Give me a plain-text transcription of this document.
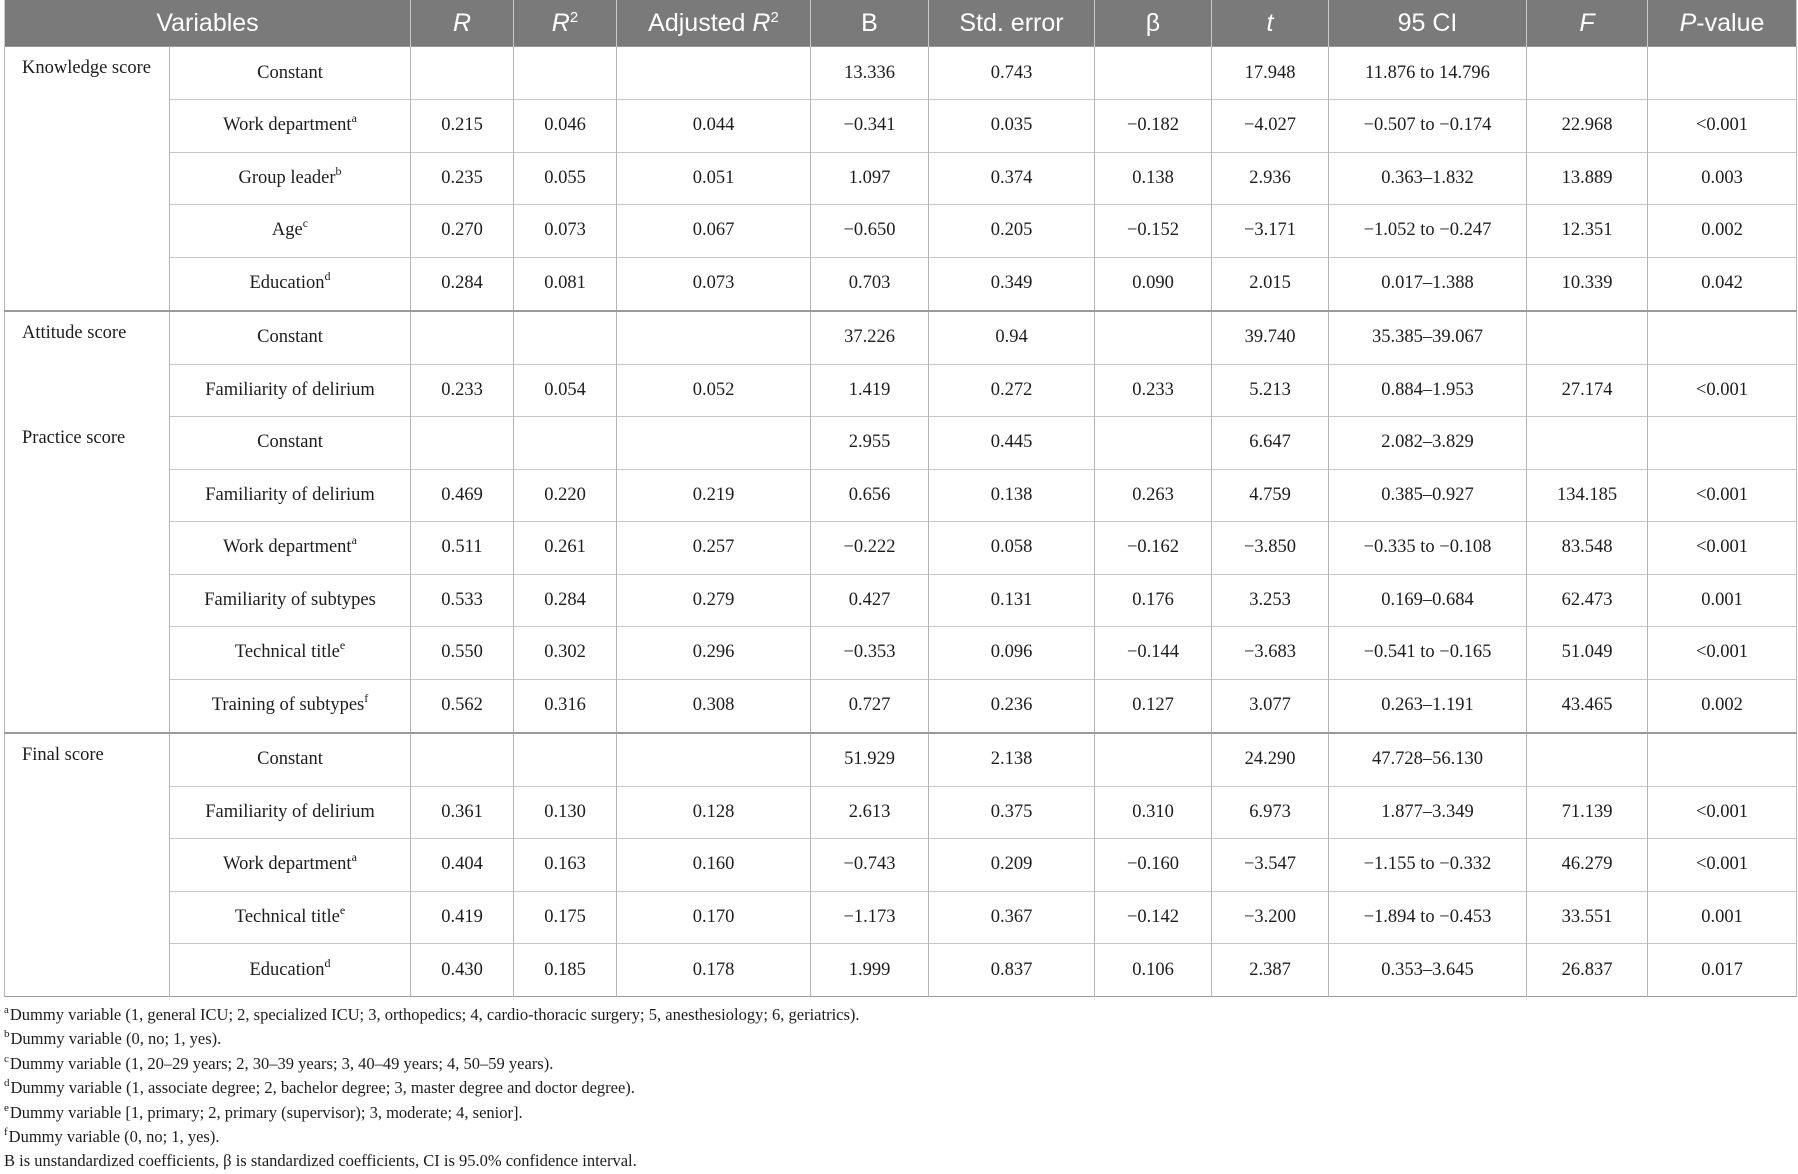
Variables		R	$R^2$	Adjusted $R^2$	B	Std. error	β	t	95 CI	F	P-value
Knowledge score	Constant				13.336	0.743		17.948	11.876 to 14.796		
	Work department$^a$	0.215	0.046	0.044	−0.341	0.035	−0.182	−4.027	−0.507 to −0.174	22.968	<0.001
	Group leader$^b$	0.235	0.055	0.051	1.097	0.374	0.138	2.936	0.363–1.832	13.889	0.003
	Age$^c$	0.270	0.073	0.067	−0.650	0.205	−0.152	−3.171	−1.052 to −0.247	12.351	0.002
	Education$^d$	0.284	0.081	0.073	0.703	0.349	0.090	2.015	0.017–1.388	10.339	0.042
Attitude score	Constant				37.226	0.94		39.740	35.385–39.067		
	Familiarity of delirium	0.233	0.054	0.052	1.419	0.272	0.233	5.213	0.884–1.953	27.174	<0.001
Practice score	Constant				2.955	0.445		6.647	2.082–3.829		
	Familiarity of delirium	0.469	0.220	0.219	0.656	0.138	0.263	4.759	0.385–0.927	134.185	<0.001
	Work department$^a$	0.511	0.261	0.257	−0.222	0.058	−0.162	−3.850	−0.335 to −0.108	83.548	<0.001
	Familiarity of subtypes	0.533	0.284	0.279	0.427	0.131	0.176	3.253	0.169–0.684	62.473	0.001
	Technical title$^e$	0.550	0.302	0.296	−0.353	0.096	−0.144	−3.683	−0.541 to −0.165	51.049	<0.001
	Training of subtypes$^f$	0.562	0.316	0.308	0.727	0.236	0.127	3.077	0.263–1.191	43.465	0.002
Final score	Constant				51.929	2.138		24.290	47.728–56.130		
	Familiarity of delirium	0.361	0.130	0.128	2.613	0.375	0.310	6.973	1.877–3.349	71.139	<0.001
	Work department$^a$	0.404	0.163	0.160	−0.743	0.209	−0.160	−3.547	−1.155 to −0.332	46.279	<0.001
	Technical title$^e$	0.419	0.175	0.170	−1.173	0.367	−0.142	−3.200	−1.894 to −0.453	33.551	0.001
	Education$^d$	0.430	0.185	0.178	1.999	0.837	0.106	2.387	0.353–3.645	26.837	0.017
$^a$Dummy variable (1, general ICU; 2, specialized ICU; 3, orthopedics; 4, cardio-thoracic surgery; 5, anesthesiology; 6, geriatrics).
$^b$Dummy variable (0, no; 1, yes).
$^c$Dummy variable (1, 20–29 years; 2, 30–39 years; 3, 40–49 years; 4, 50–59 years).
$^d$Dummy variable (1, associate degree; 2, bachelor degree; 3, master degree and doctor degree).
$^e$Dummy variable [1, primary; 2, primary (supervisor); 3, moderate; 4, senior].
$^f$Dummy variable (0, no; 1, yes).
B is unstandardized coefficients, β is standardized coefficients, CI is 95.0% confidence interval.
